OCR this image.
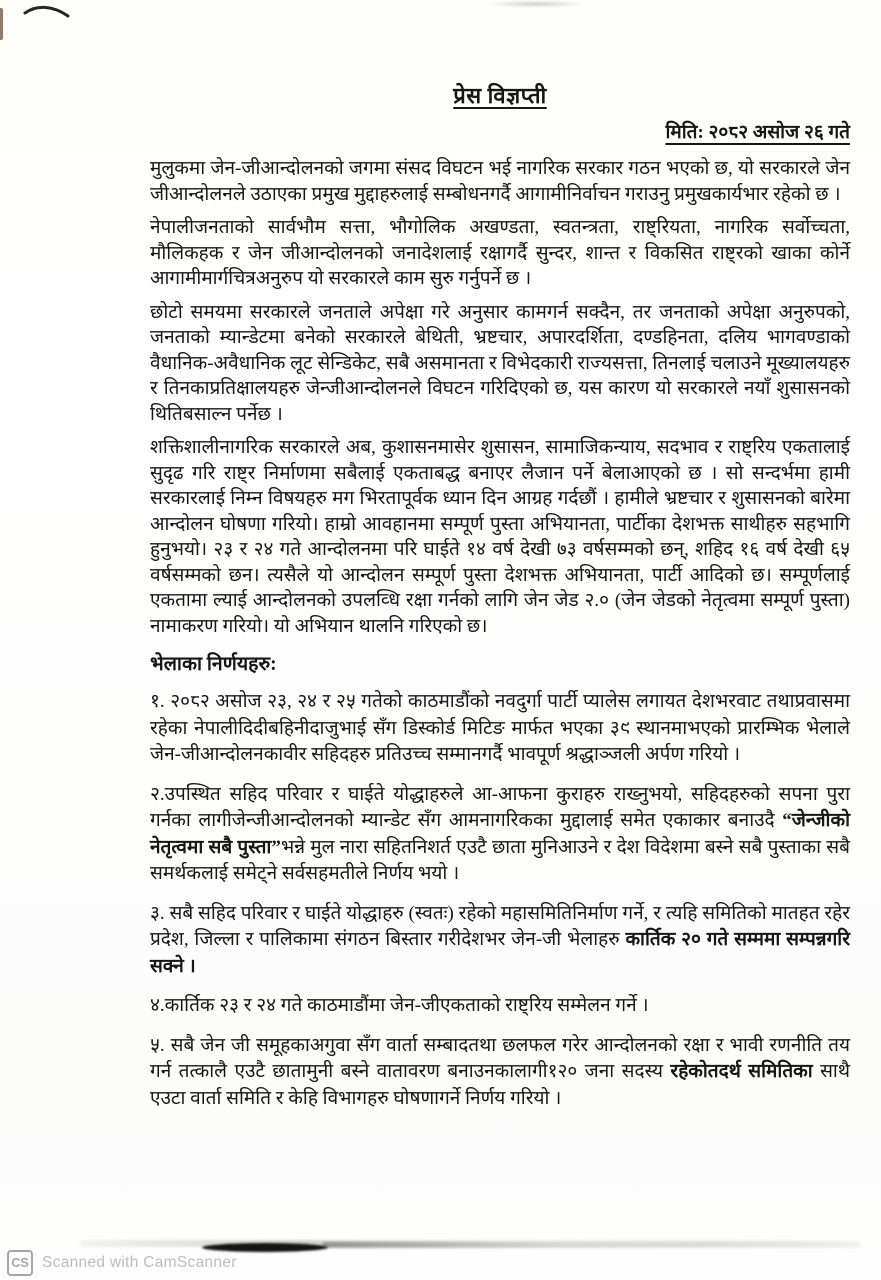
प्रेस विज्ञप्ती
मिति: २०८२ असोज २६ गते

मुलुकमा जेन-जीआन्दोलनको जगमा संसद विघटन भई नागरिक सरकार गठन भएको छ, यो सरकारले जेन जीआन्दोलनले उठाएका प्रमुख मुद्दाहरुलाई सम्बोधनगर्दै आगामीनिर्वाचन गराउनु प्रमुखकार्यभार रहेको छ ।

नेपालीजनताको सार्वभौम सत्ता, भौगोलिक अखण्डता, स्वतन्त्रता, राष्ट्रियता, नागरिक सर्वोच्चता, मौलिकहक र जेन जीआन्दोलनको जनादेशलाई रक्षागर्दै सुन्दर, शान्त र विकसित राष्ट्रको खाका कोर्ने आगामीमार्गचित्रअनुरुप यो सरकारले काम सुरु गर्नुपर्ने छ ।

छोटो समयमा सरकारले जनताले अपेक्षा गरे अनुसार कामगर्न सक्दैन, तर जनताको अपेक्षा अनुरुपको, जनताको म्यान्डेटमा बनेको सरकारले बेथिती, भ्रष्टचार, अपारदर्शिता, दण्डहिनता, दलिय भागवण्डाको वैधानिक-अवैधानिक लूट सेन्डिकेट, सबै असमानता र विभेदकारी राज्यसत्ता, तिनलाई चलाउने मूख्यालयहरु र तिनकाप्रतिक्षालयहरु जेन्जीआन्दोलनले विघटन गरिदिएको छ, यस कारण यो सरकारले नयाँ शुसासनको थितिबसाल्न पर्नेछ ।

शक्तिशालीनागरिक सरकारले अब, कुशासनमासेर शुसासन, सामाजिकन्याय, सदभाव र राष्ट्रिय एकतालाई सुदृढ गरि राष्ट्र निर्माणमा सबैलाई एकताबद्ध बनाएर लैजान पर्ने बेलाआएको छ । सो सन्दर्भमा हामी सरकारलाई निम्न विषयहरु मग भिरतापूर्वक ध्यान दिन आग्रह गर्दछौं । हामीले भ्रष्टचार र शुसासनको बारेमा आन्दोलन घोषणा गरियो। हाम्रो आवहानमा सम्पूर्ण पुस्ता अभियानता, पार्टीका देशभक्त साथीहरु सहभागि हुनुभयो। २३ र २४ गते आन्दोलनमा परि घाईते १४ वर्ष देखी ७३ वर्षसम्मको छन्, शहिद १६ वर्ष देखी ६५ वर्षसम्मको छन। त्यसैले यो आन्दोलन सम्पूर्ण पुस्ता देशभक्त अभियानता, पार्टी आदिको छ। सम्पूर्णलाई एकतामा ल्याई आन्दोलनको उपलव्धि रक्षा गर्नको लागि जेन जेड २.० (जेन जेडको नेतृत्वमा सम्पूर्ण पुस्ता) नामाकरण गरियो। यो अभियान थालनि गरिएको छ।

भेलाका निर्णयहरु:

१. २०८२ असोज २३, २४ र २५ गतेको काठमाडौंको नवदुर्गा पार्टी प्यालेस लगायत देशभरवाट तथाप्रवासमा रहेका नेपालीदिदीबहिनीदाजुभाई सँग डिस्कोर्ड मिटिङ मार्फत भएका ३९ स्थानमाभएको प्रारम्भिक भेलाले जेन-जीआन्दोलनकावीर सहिदहरु प्रतिउच्च सम्मानगर्दै भावपूर्ण श्रद्धाञ्जली अर्पण गरियो ।

२.उपस्थित सहिद परिवार र घाईते योद्धाहरुले आ-आफना कुराहरु राख्नुभयो, सहिदहरुको सपना पुरा गर्नका लागीजेन्जीआन्दोलनको म्यान्डेट सँग आमनागरिकका मुद्दालाई समेत एकाकार बनाउदै “जेन्जीको नेतृत्वमा सबै पुस्ता”भन्ने मुल नारा सहितनिशर्त एउटै छाता मुनिआउने र देश विदेशमा बस्ने सबै पुस्ताका सबै समर्थकलाई समेट्ने सर्वसहमतीले निर्णय भयो ।

३. सबै सहिद परिवार र घाईते योद्धाहरु (स्वतः) रहेको महासमितिनिर्माण गर्ने, र त्यहि समितिको मातहत रहेर प्रदेश, जिल्ला र पालिकामा संगठन बिस्तार गरीदेशभर जेन-जी भेलाहरु कार्तिक २० गते सम्ममा सम्पन्नगरि सक्ने ।

४.कार्तिक २३ र २४ गते काठमाडौंमा जेन-जीएकताको राष्ट्रिय सम्मेलन गर्ने ।

५. सबै जेन जी समूहकाअगुवा सँग वार्ता सम्बादतथा छलफल गरेर आन्दोलनको रक्षा र भावी रणनीति तय गर्न तत्कालै एउटै छातामुनी बस्ने वातावरण बनाउनकालागी१२० जना सदस्य रहेकोतदर्थ समितिका साथै एउटा वार्ता समिति र केहि विभागहरु घोषणागर्ने निर्णय गरियो ।

CS Scanned with CamScanner
